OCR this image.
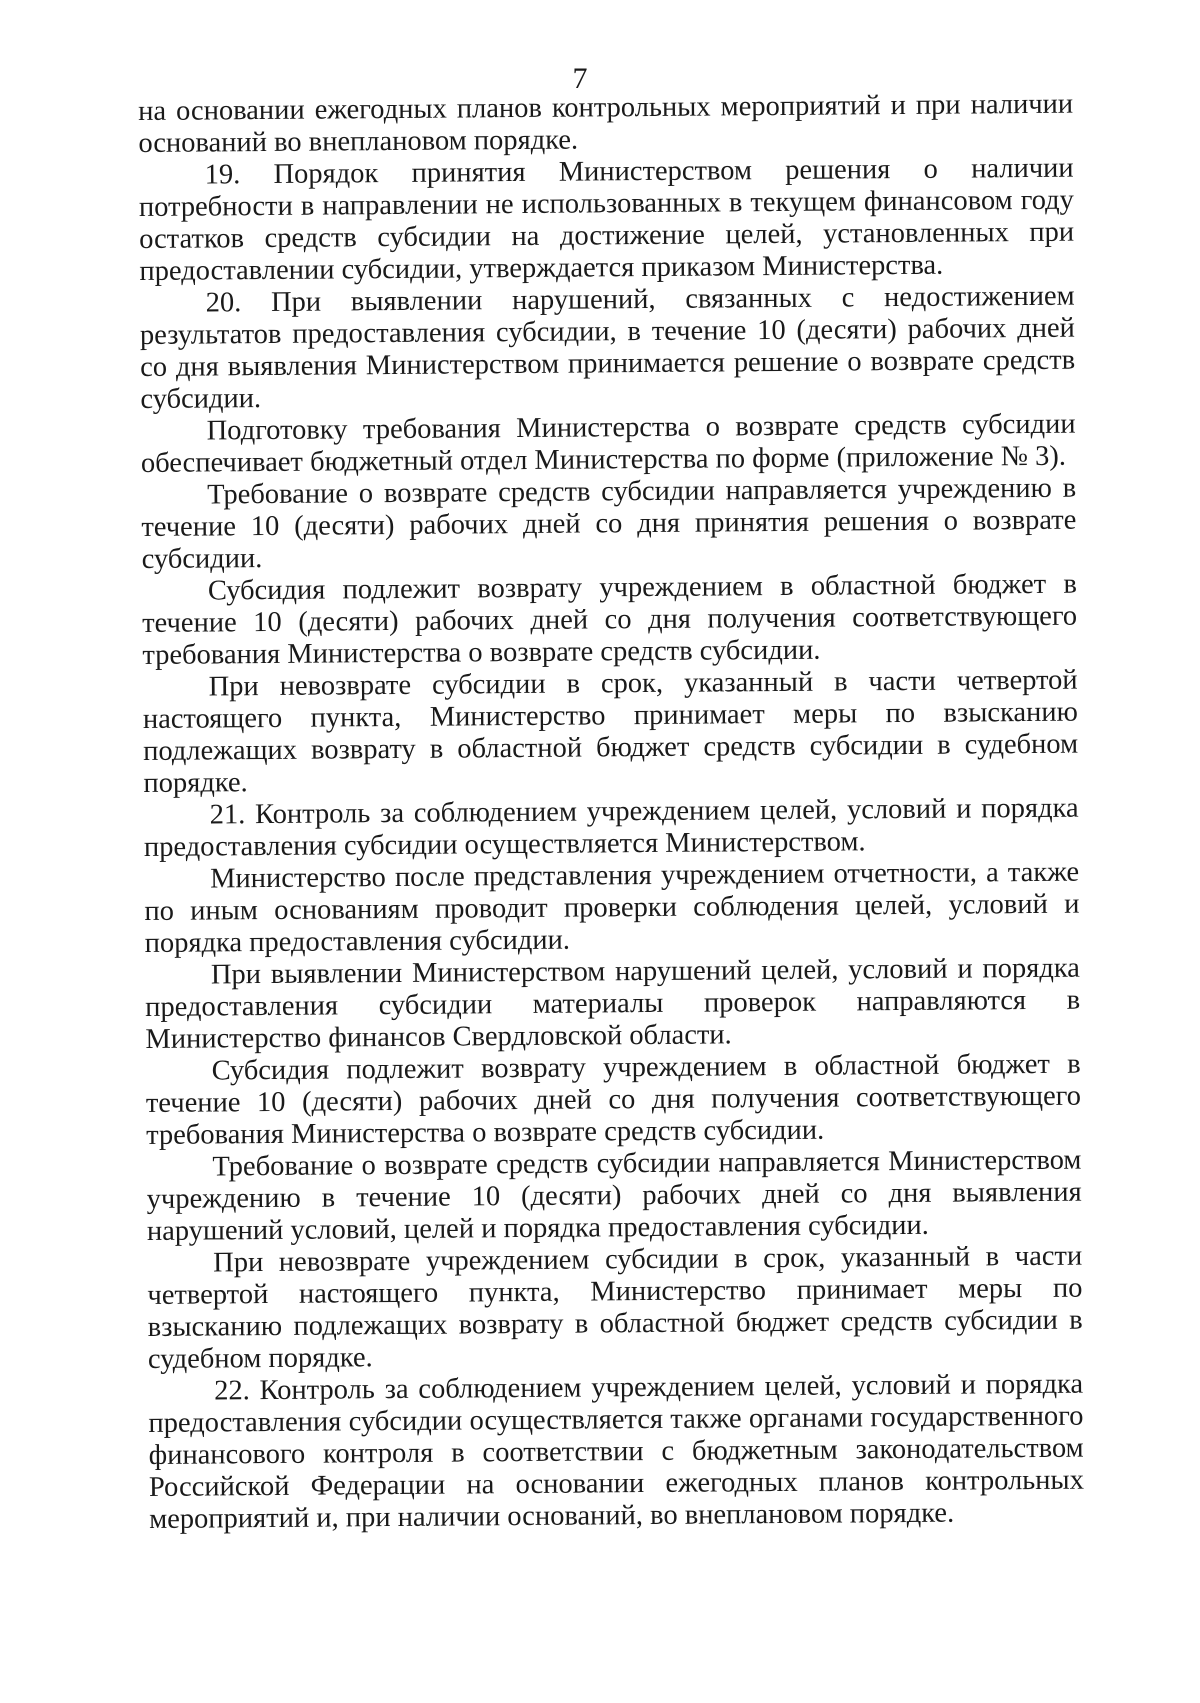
7

на основании ежегодных планов контрольных мероприятий и при наличии оснований во внеплановом порядке.

19. Порядок принятия Министерством решения о наличии потребности в направлении не использованных в текущем финансовом году остатков средств субсидии на достижение целей, установленных при предоставлении субсидии, утверждается приказом Министерства.

20. При выявлении нарушений, связанных с недостижением результатов предоставления субсидии, в течение 10 (десяти) рабочих дней со дня выявления Министерством принимается решение о возврате средств субсидии.

Подготовку требования Министерства о возврате средств субсидии обеспечивает бюджетный отдел Министерства по форме (приложение № 3).

Требование о возврате средств субсидии направляется учреждению в течение 10 (десяти) рабочих дней со дня принятия решения о возврате субсидии.

Субсидия подлежит возврату учреждением в областной бюджет в течение 10 (десяти) рабочих дней со дня получения соответствующего требования Министерства о возврате средств субсидии.

При невозврате субсидии в срок, указанный в части четвертой настоящего пункта, Министерство принимает меры по взысканию подлежащих возврату в областной бюджет средств субсидии в судебном порядке.

21. Контроль за соблюдением учреждением целей, условий и порядка предоставления субсидии осуществляется Министерством.

Министерство после представления учреждением отчетности, а также по иным основаниям проводит проверки соблюдения целей, условий и порядка предоставления субсидии.

При выявлении Министерством нарушений целей, условий и порядка предоставления субсидии материалы проверок направляются в Министерство финансов Свердловской области.

Субсидия подлежит возврату учреждением в областной бюджет в течение 10 (десяти) рабочих дней со дня получения соответствующего требования Министерства о возврате средств субсидии.

Требование о возврате средств субсидии направляется Министерством учреждению в течение 10 (десяти) рабочих дней со дня выявления нарушений условий, целей и порядка предоставления субсидии.

При невозврате учреждением субсидии в срок, указанный в части четвертой настоящего пункта, Министерство принимает меры по взысканию подлежащих возврату в областной бюджет средств субсидии в судебном порядке.

22. Контроль за соблюдением учреждением целей, условий и порядка предоставления субсидии осуществляется также органами государственного финансового контроля в соответствии с бюджетным законодательством Российской Федерации на основании ежегодных планов контрольных мероприятий и, при наличии оснований, во внеплановом порядке.
